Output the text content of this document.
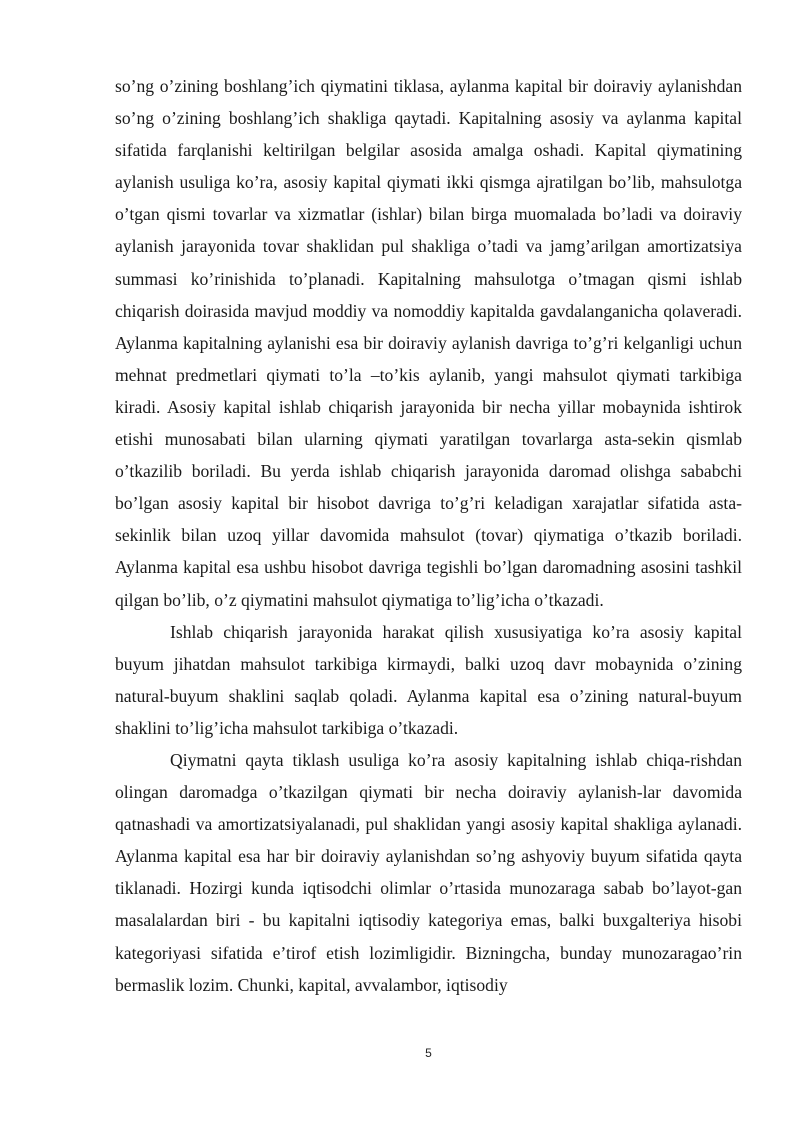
so’ng o’zining boshlang’ich qiymatini tiklasa, aylanma kapital bir doiraviy aylanishdan so’ng o’zining boshlang’ich shakliga qaytadi. Kapitalning asosiy va aylanma kapital sifatida farqlanishi keltirilgan belgilar asosida amalga oshadi. Kapital qiymatining aylanish usuliga ko’ra, asosiy kapital qiymati ikki qismga ajratilgan bo’lib, mahsulotga o’tgan qismi tovarlar va xizmatlar (ishlar) bilan birga muomalada bo’ladi va doiraviy aylanish jarayonida tovar shaklidan pul shakliga o’tadi va jamg’arilgan amortizatsiya summasi ko’rinishida to’planadi. Kapitalning mahsulotga o’tmagan qismi ishlab chiqarish doirasida mavjud moddiy va nomoddiy kapitalda gavdalanganicha qolaveradi. Aylanma kapitalning aylanishi esa bir doiraviy aylanish davriga to’g’ri kelganligi uchun mehnat predmetlari qiymati to’la –to’kis aylanib, yangi mahsulot qiymati tarkibiga kiradi. Asosiy kapital ishlab chiqarish jarayonida bir necha yillar mobaynida ishtirok etishi munosabati bilan ularning qiymati yaratilgan tovarlarga asta-sekin qismlab o’tkazilib boriladi. Bu yerda ishlab chiqarish jarayonida daromad olishga sababchi bo’lgan asosiy kapital bir hisobot davriga to’g’ri keladigan xarajatlar sifatida asta-sekinlik bilan uzoq yillar davomida mahsulot (tovar) qiymatiga o’tkazib boriladi. Aylanma kapital esa ushbu hisobot davriga tegishli bo’lgan daromadning asosini tashkil qilgan bo’lib, o’z qiymatini mahsulot qiymatiga to’lig’icha o’tkazadi.

Ishlab chiqarish jarayonida harakat qilish xususiyatiga ko’ra asosiy kapital buyum jihatdan mahsulot tarkibiga kirmaydi, balki uzoq davr mobaynida o’zining natural-buyum shaklini saqlab qoladi. Aylanma kapital esa o’zining natural-buyum shaklini to’lig’icha mahsulot tarkibiga o’tkazadi.

Qiymatni qayta tiklash usuliga ko’ra asosiy kapitalning ishlab chiqa-rishdan olingan daromadga o’tkazilgan qiymati bir necha doiraviy aylanish-lar davomida qatnashadi va amortizatsiyalanadi, pul shaklidan yangi asosiy kapital shakliga aylanadi. Aylanma kapital esa har bir doiraviy aylanishdan so’ng ashyoviy buyum sifatida qayta tiklanadi. Hozirgi kunda iqtisodchi olimlar o’rtasida munozaraga sabab bo’layot-gan masalalardan biri - bu kapitalni iqtisodiy kategoriya emas, balki buxgalteriya hisobi kategoriyasi sifatida e’tirof etish lozimligidir. Bizningcha, bunday munozaragao’rin bermaslik lozim. Chunki, kapital, avvalambor, iqtisodiy

5
